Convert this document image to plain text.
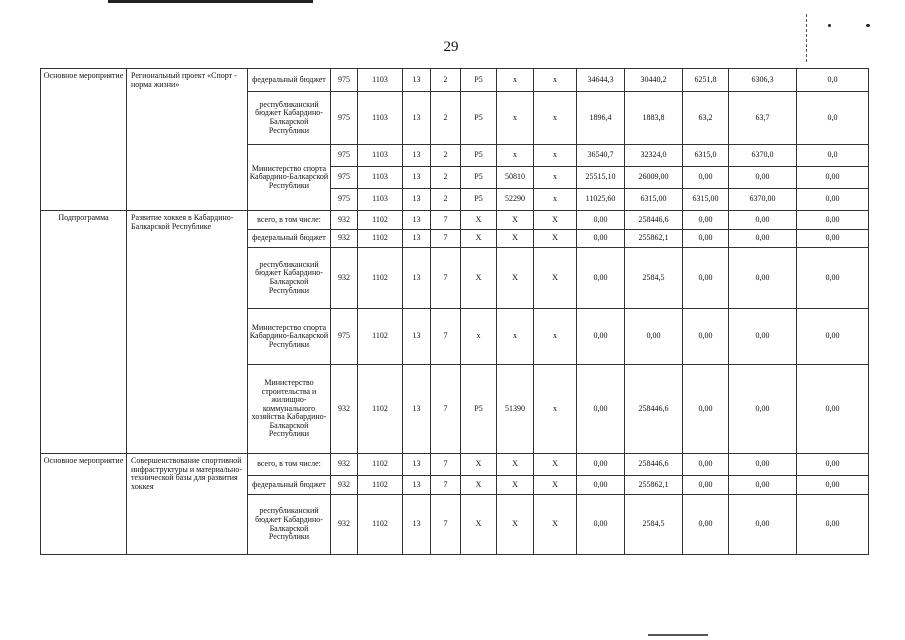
29
Основное мероприятие	Региональный проект «Спорт - норма жизни»	федеральный бюджет	975	1103	13	2	Р5	х	х	34644,3	30440,2	6251,8	6306,3	0,0
		республиканский бюджет Кабардино-Балкарской Республики	975	1103	13	2	Р5	х	х	1896,4	1883,8	63,2	63,7	0,0
		Министерство спорта Кабардино-Балкарской Республики	975	1103	13	2	Р5	х	х	36540,7	32324,0	6315,0	6370,0	0,0
			975	1103	13	2	Р5	50810	х	25515,10	26009,00	0,00	0,00	0,00
			975	1103	13	2	Р5	52290	х	11025,60	6315,00	6315,00	6370,00	0,00
Подпрограмма	Развитие хоккея в Кабардино-Балкарской Республике	всего, в том числе:	932	1102	13	7	Х	Х	Х	0,00	258446,6	0,00	0,00	0,00
		федеральный бюджет	932	1102	13	7	Х	Х	Х	0,00	255862,1	0,00	0,00	0,00
		республиканский бюджет Кабардино-Балкарской Республики	932	1102	13	7	Х	Х	Х	0,00	2584,5	0,00	0,00	0,00
		Министерство спорта Кабардино-Балкарской Республики	975	1102	13	7	х	х	х	0,00	0,00	0,00	0,00	0,00
		Министерство строительства и жилищно-коммунального хозяйства Кабардино-Балкарской Республики	932	1102	13	7	Р5	51390	х	0,00	258446,6	0,00	0,00	0,00
Основное мероприятие	Совершенствование спортивной инфраструктуры и материально-технической базы для развития хоккея	всего, в том числе:	932	1102	13	7	Х	Х	Х	0,00	258446,6	0,00	0,00	0,00
		федеральный бюджет	932	1102	13	7	Х	Х	Х	0,00	255862,1	0,00	0,00	0,00
		республиканский бюджет Кабардино-Балкарской Республики	932	1102	13	7	Х	Х	Х	0,00	2584,5	0,00	0,00	0,00
